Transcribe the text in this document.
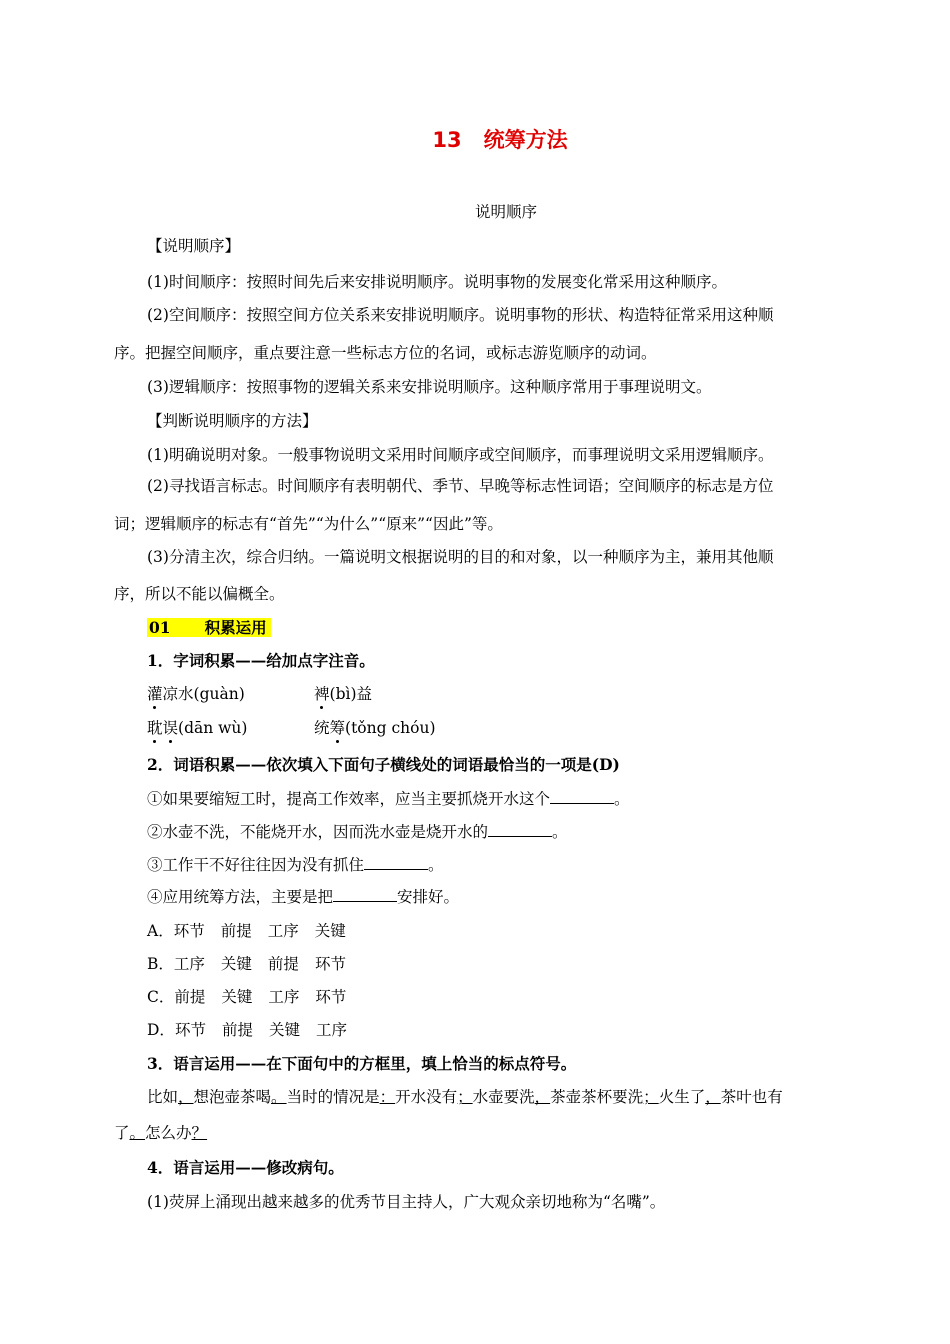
13 统筹方法
说明顺序
【说明顺序】
(1)时间顺序：按照时间先后来安排说明顺序。说明事物的发展变化常采用这种顺序。
(2)空间顺序：按照空间方位关系来安排说明顺序。说明事物的形状、构造特征常采用这种顺
序。把握空间顺序，重点要注意一些标志方位的名词，或标志游览顺序的动词。
(3)逻辑顺序：按照事物的逻辑关系来安排说明顺序。这种顺序常用于事理说明文。
【判断说明顺序的方法】
(1)明确说明对象。一般事物说明文采用时间顺序或空间顺序，而事理说明文采用逻辑顺序。
(2)寻找语言标志。时间顺序有表明朝代、季节、早晚等标志性词语；空间顺序的标志是方位
词；逻辑顺序的标志有“首先”“为什么”“原来”“因此”等。
(3)分清主次，综合归纳。一篇说明文根据说明的目的和对象，以一种顺序为主，兼用其他顺
序，所以不能以偏概全。
01 积累运用
1．字词积累——给加点字注音。
灌凉水(guàn)	裨(bì)益
耽误(dān wù)	统筹(tǒng chóu)
2．词语积累——依次填入下面句子横线处的词语最恰当的一项是(D)
①如果要缩短工时，提高工作效率，应当主要抓烧开水这个	。
②水壶不洗，不能烧开水，因而洗水壶是烧开水的	。
③工作干不好往往因为没有抓住	。
④应用统筹方法，主要是把	安排好。
A．环节 前提 工序 关键
B．工序 关键 前提 环节
C．前提 关键 工序 环节
D．环节 前提 关键 工序
3．语言运用——在下面句中的方框里，填上恰当的标点符号。
比如，想泡壶茶喝。当时的情况是：开水没有；水壶要洗，茶壶茶杯要洗；火生了，茶叶也有
了。怎么办？
4．语言运用——修改病句。
(1)荧屏上涌现出越来越多的优秀节目主持人，广大观众亲切地称为“名嘴”。
